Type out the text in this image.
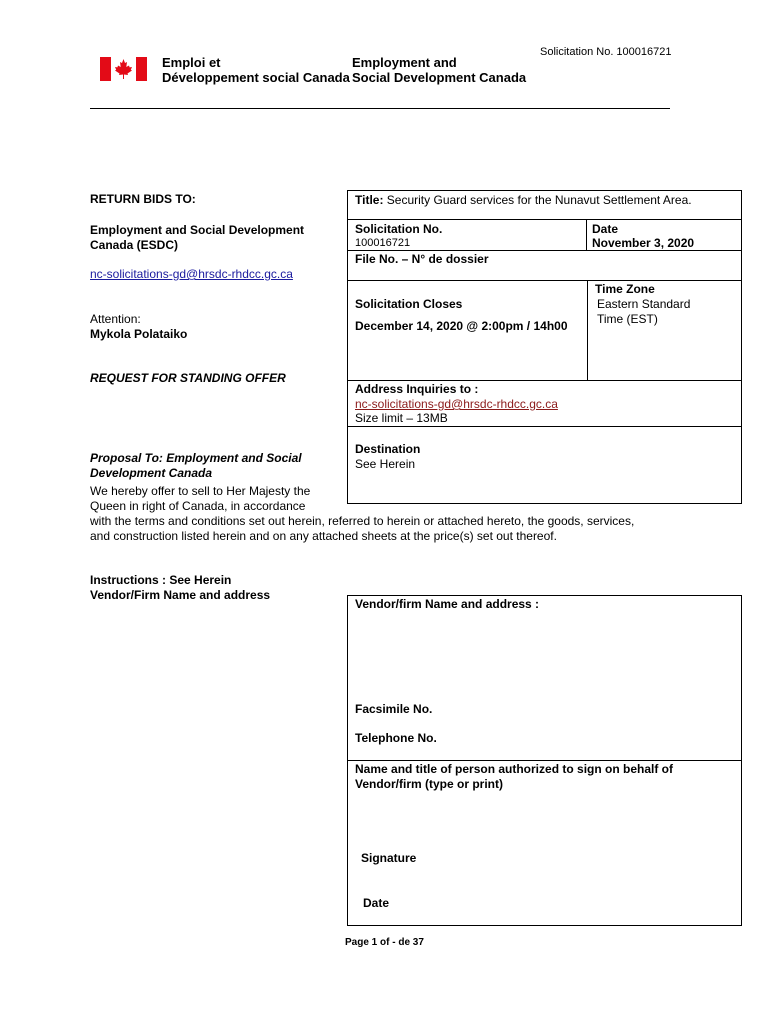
Solicitation No. 100016721
Emploi et
Développement social Canada
Employment and
Social Development Canada
RETURN BIDS TO:
Employment and Social Development
Canada (ESDC)
nc-solicitations-gd@hrsdc-rhdcc.gc.ca
Attention:
Mykola Polataiko
REQUEST FOR STANDING OFFER
Proposal To: Employment and Social
Development Canada
We hereby offer to sell to Her Majesty the
Queen in right of Canada, in accordance
with the terms and conditions set out herein, referred to herein or attached hereto, the goods, services,
and construction listed herein and on any attached sheets at the price(s) set out thereof.
Instructions : See Herein
Vendor/Firm Name and address
Title: Security Guard services for the Nunavut Settlement Area.
Solicitation No.
100016721
Date
November 3, 2020
File No. – N° de dossier
Solicitation Closes
December 14, 2020 @ 2:00pm / 14h00
Time Zone
Eastern Standard
Time (EST)
Address Inquiries to :
nc-solicitations-gd@hrsdc-rhdcc.gc.ca
Size limit – 13MB
Destination
See Herein
Vendor/firm Name and address :
Facsimile No.
Telephone No.
Name and title of person authorized to sign on behalf of
Vendor/firm (type or print)
Signature
Date
Page 1 of - de 37
